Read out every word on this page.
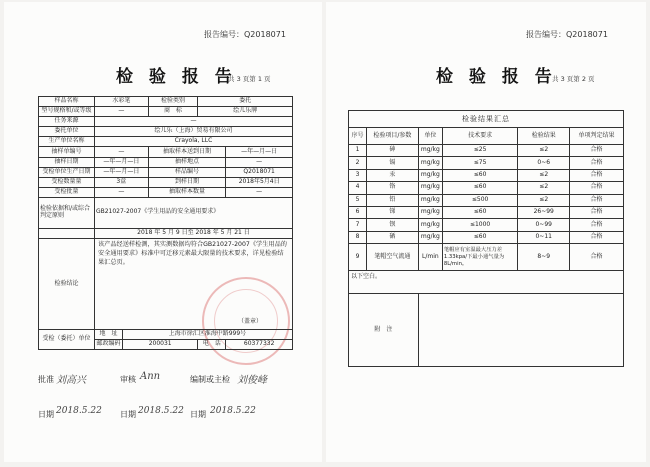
报告编号：Q2018071
检 验 报 告
共 3 页第 1 页
样品名称	水彩笔		检验类别	委托	
型号规格和/或等级	—		商　标	绘儿乐牌	
任务来源	—				
委托单位	绘儿乐（上海）贸易有限公司				
生产单位名称	Crayola, LLC				
抽样单编号	—		抽取样本送到日期		—年—月—日
抽样日期	—年—月—日		抽样地点		—
受检单位生产日期	—年—月—日		样品编号		Q2018071
受检数量量	3盒		到样日期		2018年5月4日
受检批量	—		抽取样本数量		—
检验依据和/或综合判定原则	GB21027-2007《学生用品的安全通用要求》				
	2018 年 5 月 9 日至 2018 年 5 月 21 日				
检验结论	该产品经送样检测，其实测数据均符合GB21027-2007《学生用品的安全通用要求》标准中可迁移元素最大限量的技术要求，详见检验结果汇总页。
（盖章）				

受检（委托）单位	地　址	上海市徐汇区淮海中路999号			
	邮政编码	200031		电　话	60377332
批准 刘高兴	审核 Ann	编制或主检 刘俊峰
日期 2018.5.22 日期 2018.5.22 日期 2018.5.22
报告编号：Q2018071
检 验 报 告
共 3 页第 2 页
检验结果汇总					
序号	检验项目/参数	单位	技术要求	检验结果	单项判定结果
1	砷	mg/kg	≤25	≤2	合格
2	镉	mg/kg	≤75	0~6	合格
3	汞	mg/kg	≤60	≤2	合格
4	铬	mg/kg	≤60	≤2	合格
5	铅	mg/kg	≤500	≤2	合格
6	锑	mg/kg	≤60	26~99	合格
7	钡	mg/kg	≤1000	0~99	合格
8	硒	mg/kg	≤60	0~11	合格
9	笔帽空气流通	L/min	笔帽应有室温最大压力差1.33kpa/下最小通气量为8L/min。	8~9	合格
以下空白。					
附　注					
